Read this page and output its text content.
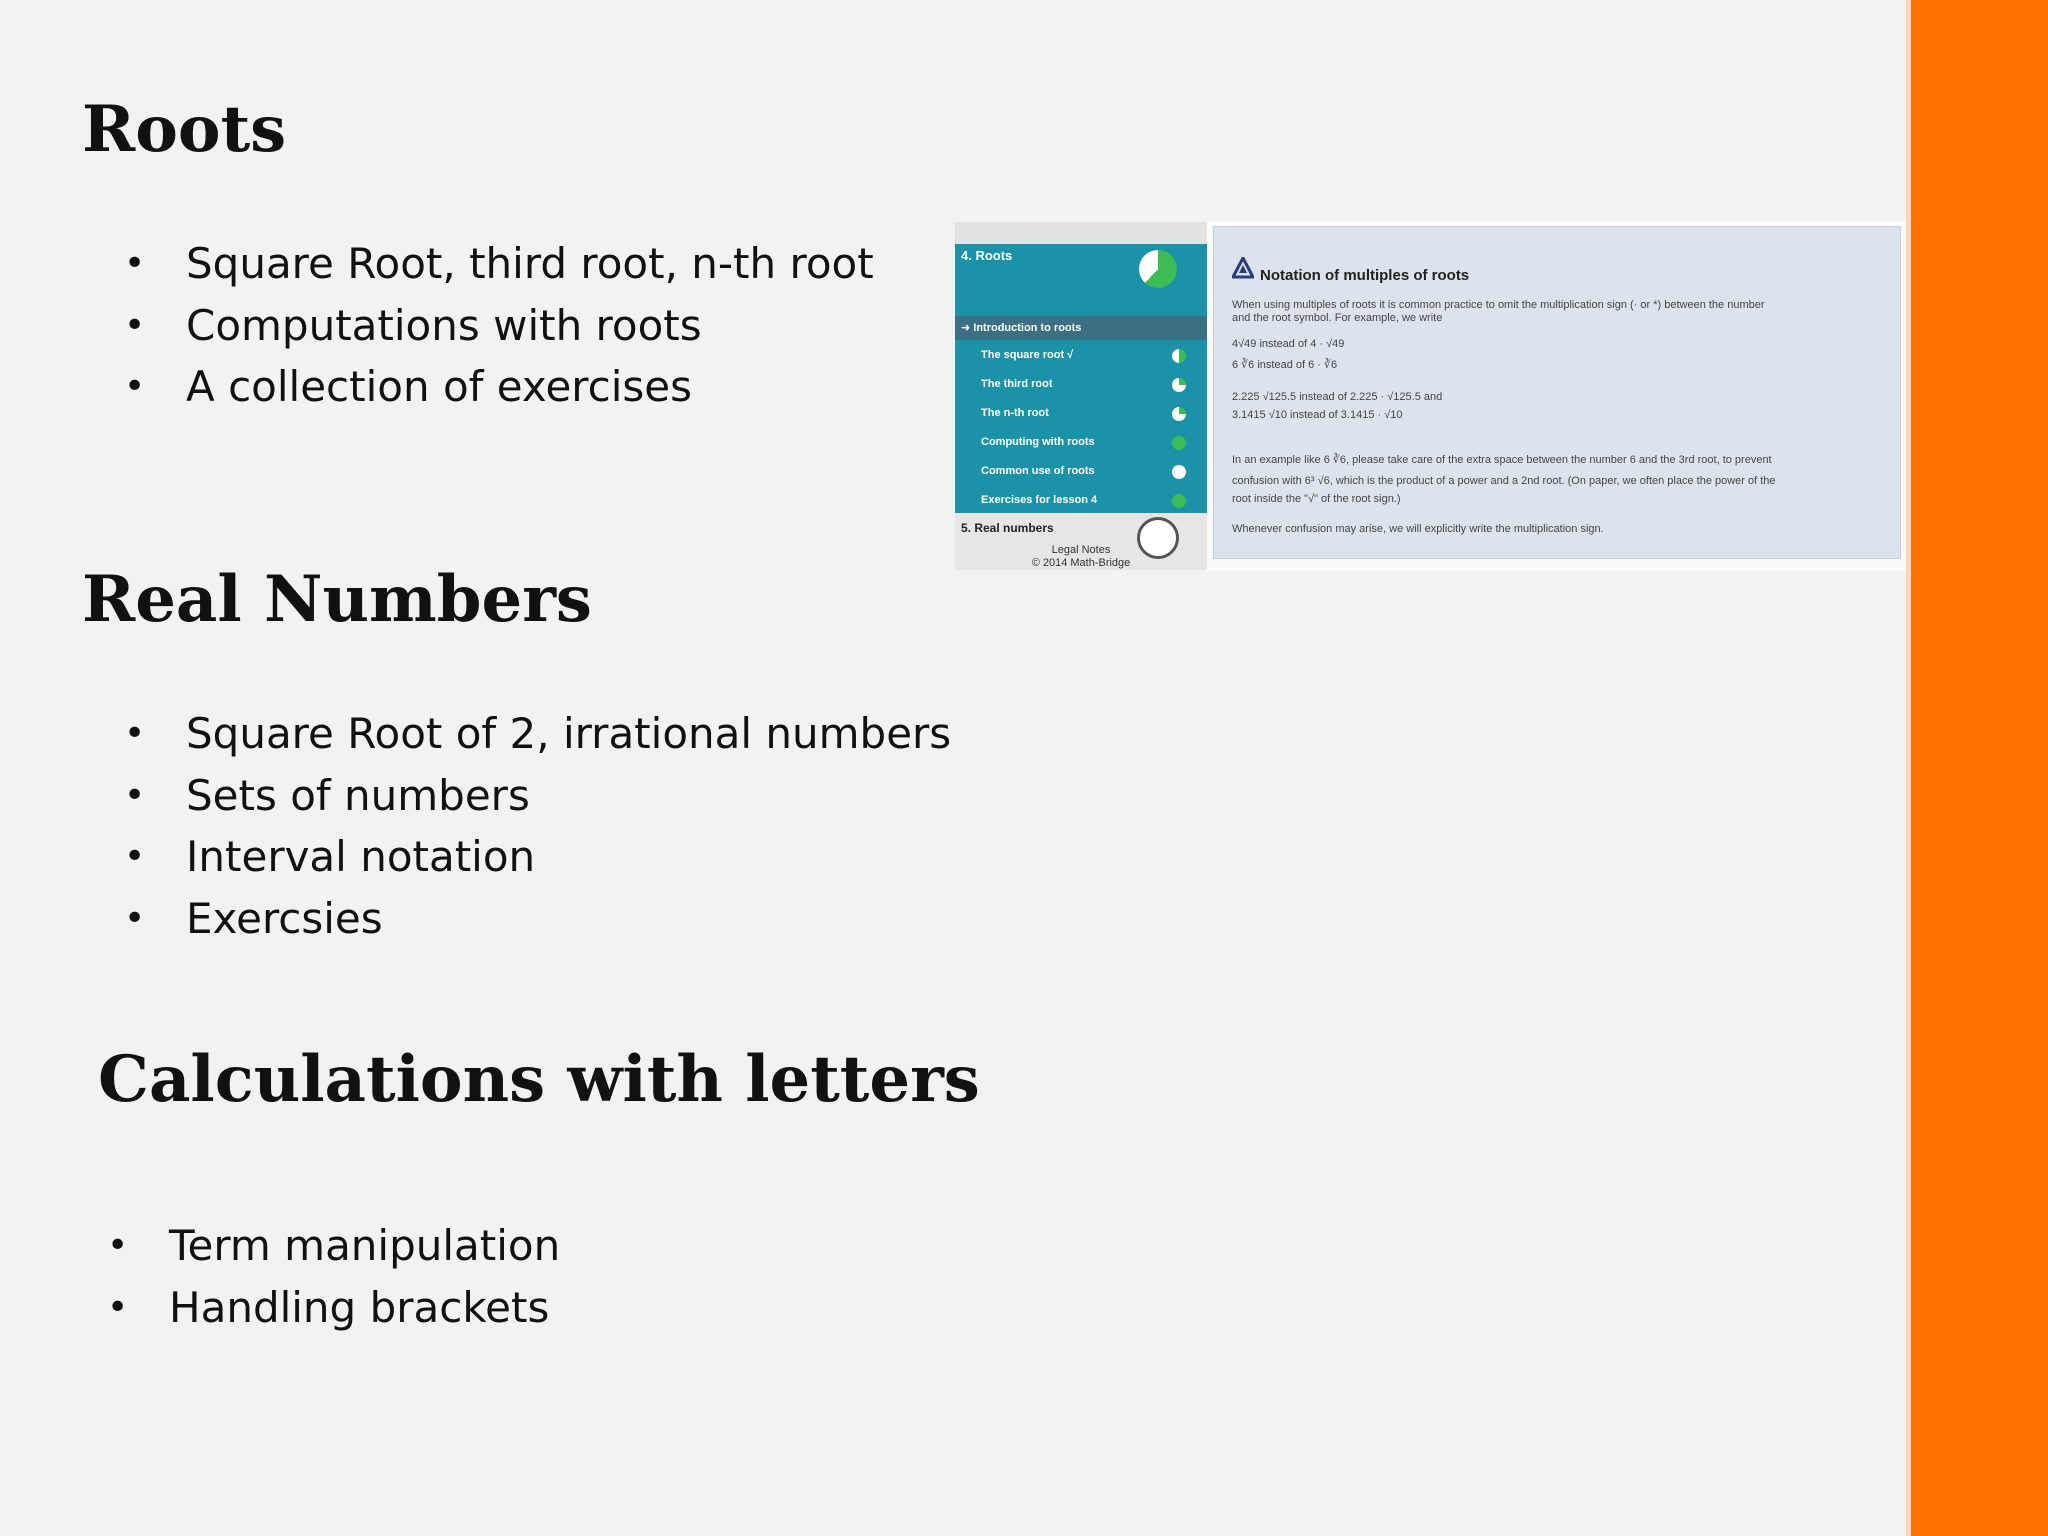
Roots
• Square Root, third root, n-th root
• Computations with roots
• A collection of exercises
Real Numbers
• Square Root of 2, irrational numbers
• Sets of numbers
• Interval notation
• Exercsies
Calculations with letters
• Term manipulation
• Handling brackets
4. Roots
➜ Introduction to roots
The square root √
The third root
The n-th root
Computing with roots
Common use of roots
Exercises for lesson 4
5. Real numbers
Legal Notes
© 2014 Math-Bridge
Notation of multiples of roots
When using multiples of roots it is common practice to omit the multiplication sign (· or *) between the number
and the root symbol. For example, we write
4√49 instead of 4 · √49
6 ∛6 instead of 6 · ∛6
2.225 √125.5 instead of 2.225 · √125.5 and
3.1415 √10 instead of 3.1415 · √10
In an example like 6 ∛6, please take care of the extra space between the number 6 and the 3rd root, to prevent
confusion with 6³ √6, which is the product of a power and a 2nd root. (On paper, we often place the power of the
root inside the "√" of the root sign.)
Whenever confusion may arise, we will explicitly write the multiplication sign.
